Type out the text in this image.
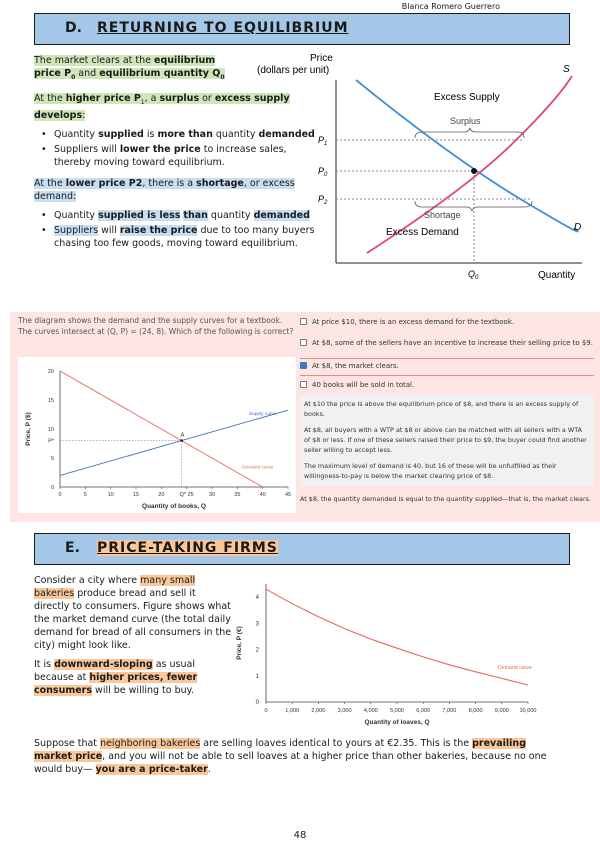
Blanca Romero Guerrero
D. RETURNING TO EQUILIBRIUM

The market clears at the equilibrium price $P_0$ and equilibrium quantity $Q_0$

At the higher price $P_1$, a surplus or excess supply develops:

• Quantity supplied is more than quantity demanded
• Suppliers will lower the price to increase sales, thereby moving toward equilibrium.

At the lower price P2, there is a shortage, or excess demand:

• Quantity supplied is less than quantity demanded
• Suppliers will raise the price due to too many buyers chasing too few goods, moving toward equilibrium.
Price
(dollars per unit)
Quantity
S
D
Excess Supply
Surplus
Shortage
Excess Demand
$P_1$
$P_0$
$P_2$
$Q_0$
The diagram shows the demand and the supply curves for a textbook. The curves intersect at (Q, P) = (24, 8). Which of the following is correct?
0
5
10
15
20
0	5	10	15	20	Q* 25	30	35	40	45
Quantity of books, Q
Price, P ($)	P*
A
Supply curve
Demand curve
At price $10, there is an excess demand for the textbook.
At $8, some of the sellers have an incentive to increase their selling price to $9.
At $8, the market clears.
40 books will be sold in total.
At $10 the price is above the equilibrium price of $8, and there is an excess supply of books.
At $8, all buyers with a WTP at $8 or above can be matched with all sellers with a WTA of $8 or less. If one of these sellers raised their price to $9, the buyer could find another seller willing to accept less.
The maximum level of demand is 40, but 16 of these will be unfulfilled as their willingness-to-pay is below the market clearing price of $8.
At $8, the quantity demanded is equal to the quantity supplied—that is, the market clears.
E. PRICE-TAKING FIRMS

Consider a city where many small bakeries produce bread and sell it directly to consumers. Figure shows what the market demand curve (the total daily demand for bread of all consumers in the city) might look like.

It is downward-sloping as usual because at higher prices, fewer consumers will be willing to buy.

Suppose that neighboring bakeries are selling loaves identical to yours at €2.35. This is the prevailing market price, and you will not be able to sell loaves at a higher price than other bakeries, because no one would buy— you are a price-taker.
0
1
2
3
4
0	1,000 2,000 3,000 4,000 5,000 6,000 7,000 8,000 9,000 10,000
Quantity of loaves, Q
Price, P (€)
Demand curve
48
